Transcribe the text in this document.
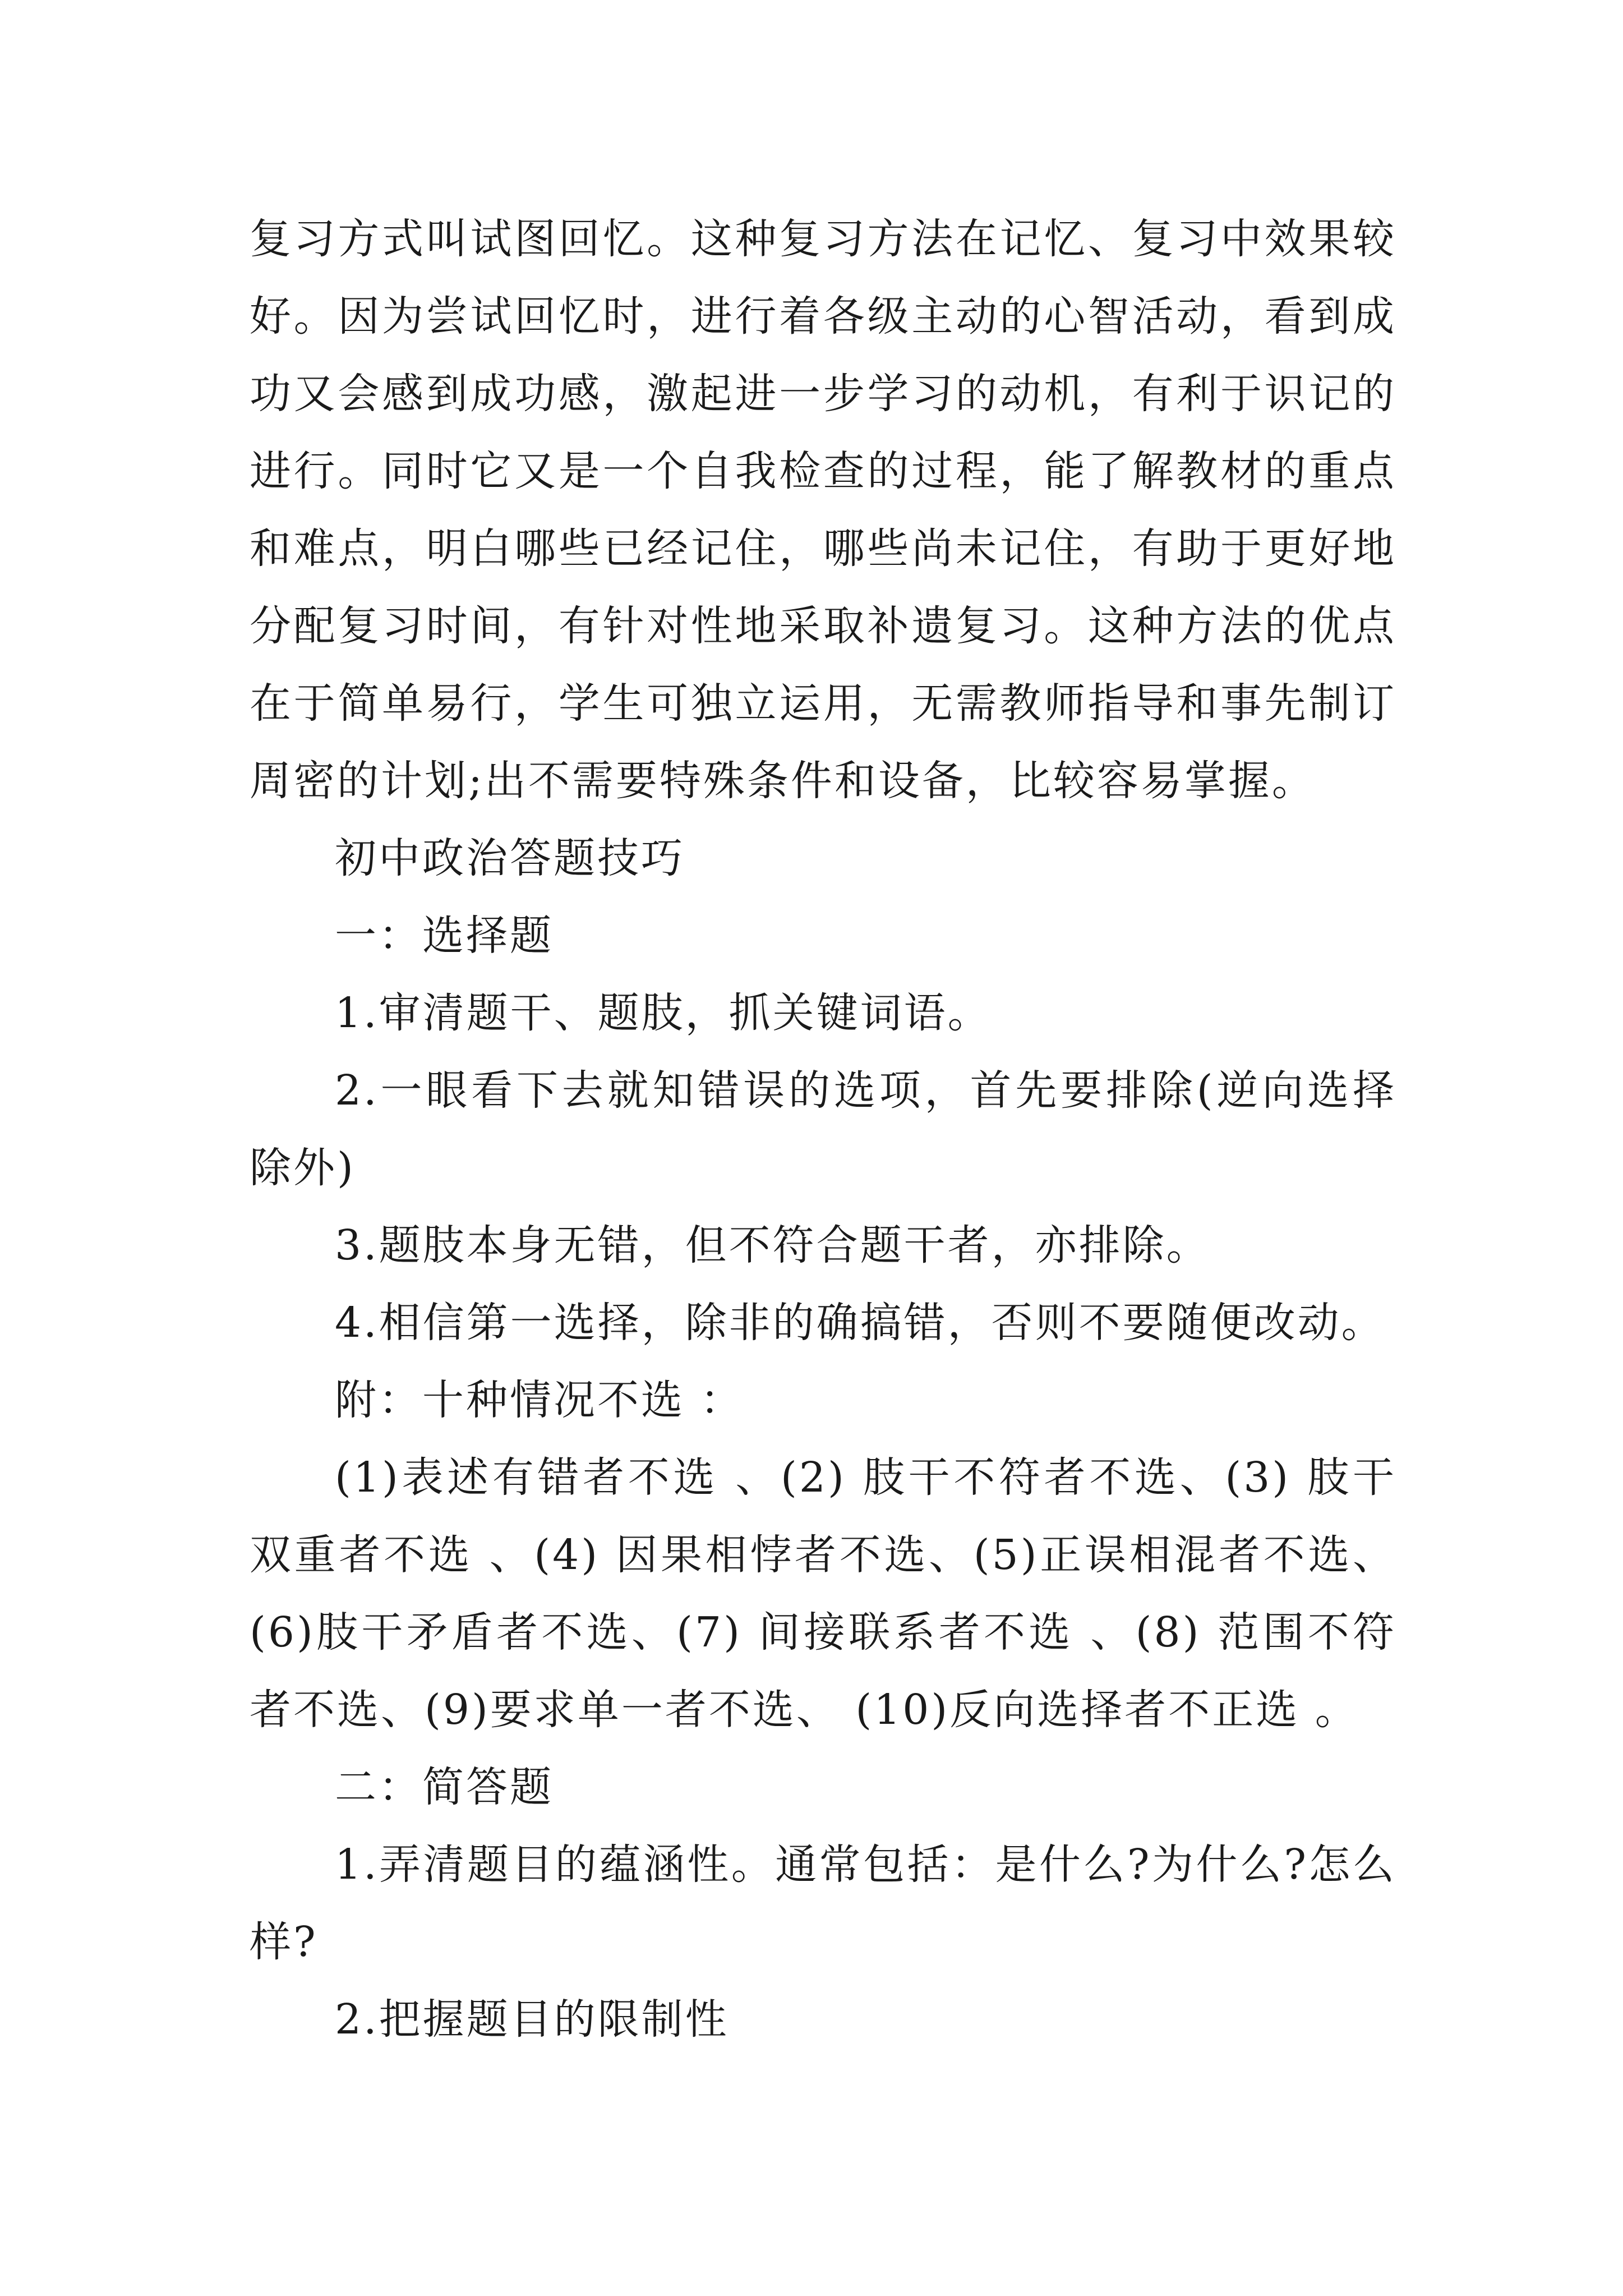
复习方式叫试图回忆。这种复习方法在记忆、复习中效果较好。因为尝试回忆时，进行着各级主动的心智活动，看到成功又会感到成功感，激起进一步学习的动机，有利于识记的进行。同时它又是一个自我检查的过程，能了解教材的重点和难点，明白哪些已经记住，哪些尚未记住，有助于更好地分配复习时间，有针对性地采取补遗复习。这种方法的优点在于简单易行，学生可独立运用，无需教师指导和事先制订周密的计划;出不需要特殊条件和设备，比较容易掌握。

初中政治答题技巧

一：选择题

1.审清题干、题肢，抓关键词语。

2.一眼看下去就知错误的选项，首先要排除(逆向选择除外)

3.题肢本身无错，但不符合题干者，亦排除。

4.相信第一选择，除非的确搞错，否则不要随便改动。

附：十种情况不选 ：

(1)表述有错者不选 、(2) 肢干不符者不选、(3) 肢干双重者不选 、(4) 因果相悖者不选、(5)正误相混者不选、(6)肢干矛盾者不选、(7) 间接联系者不选 、(8) 范围不符者不选、(9)要求单一者不选、 (10)反向选择者不正选 。

二：简答题

1.弄清题目的蕴涵性。通常包括：是什么?为什么?怎么样?

2.把握题目的限制性
